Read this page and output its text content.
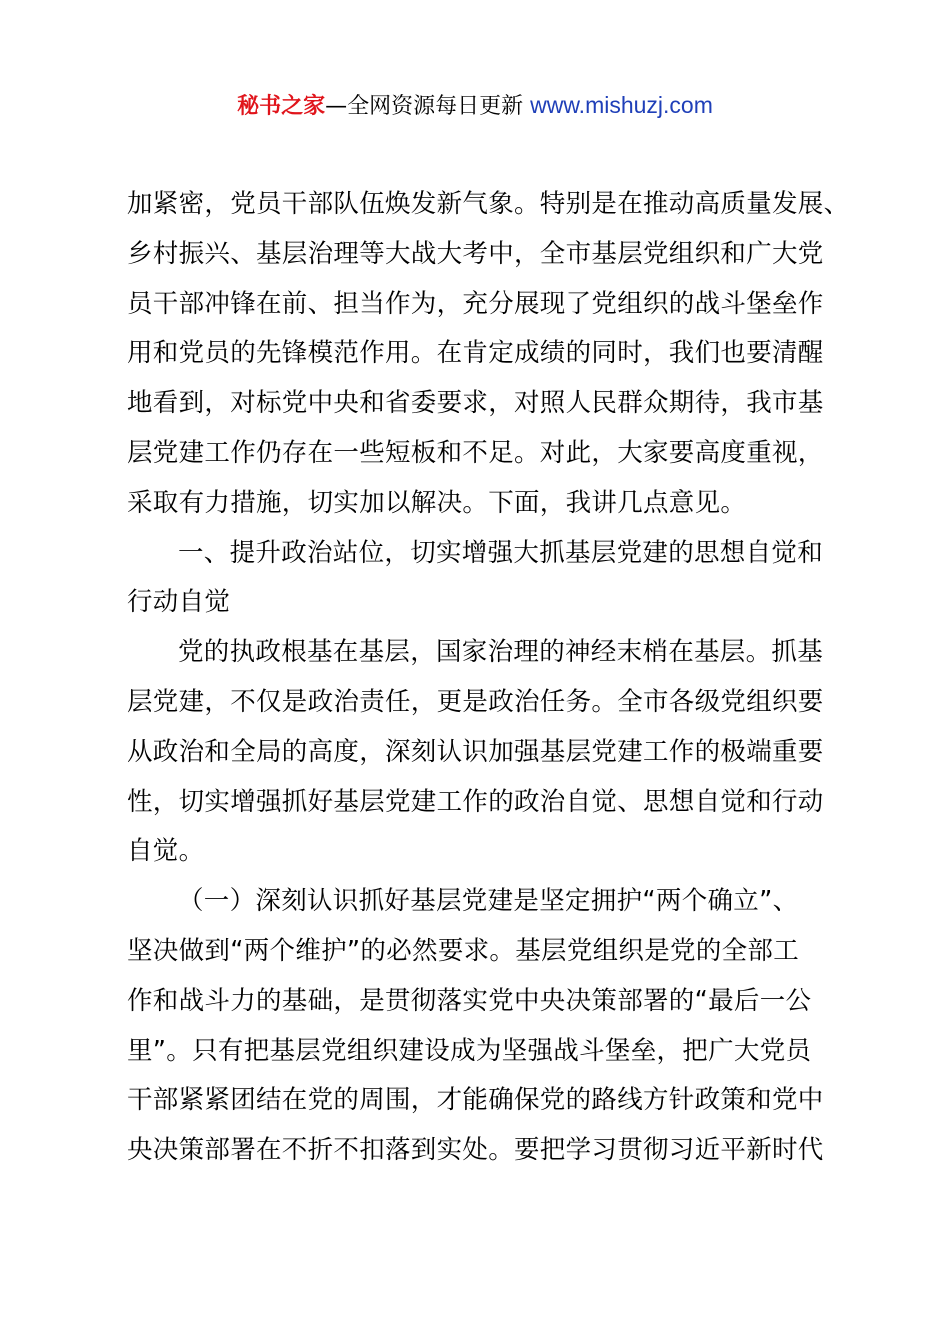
秘书之家—全网资源每日更新 www.mishuzj.com
加紧密，党员干部队伍焕发新气象。特别是在推动高质量发展、
乡村振兴、基层治理等大战大考中，全市基层党组织和广大党
员干部冲锋在前、担当作为，充分展现了党组织的战斗堡垒作
用和党员的先锋模范作用。在肯定成绩的同时，我们也要清醒
地看到，对标党中央和省委要求，对照人民群众期待，我市基
层党建工作仍存在一些短板和不足。对此，大家要高度重视，
采取有力措施，切实加以解决。下面，我讲几点意见。
一、提升政治站位，切实增强大抓基层党建的思想自觉和
行动自觉
党的执政根基在基层，国家治理的神经末梢在基层。抓基
层党建，不仅是政治责任，更是政治任务。全市各级党组织要
从政治和全局的高度，深刻认识加强基层党建工作的极端重要
性，切实增强抓好基层党建工作的政治自觉、思想自觉和行动
自觉。
（一）深刻认识抓好基层党建是坚定拥护“两个确立”、
坚决做到“两个维护”的必然要求。基层党组织是党的全部工
作和战斗力的基础，是贯彻落实党中央决策部署的“最后一公
里”。只有把基层党组织建设成为坚强战斗堡垒，把广大党员
干部紧紧团结在党的周围，才能确保党的路线方针政策和党中
央决策部署在不折不扣落到实处。要把学习贯彻习近平新时代
